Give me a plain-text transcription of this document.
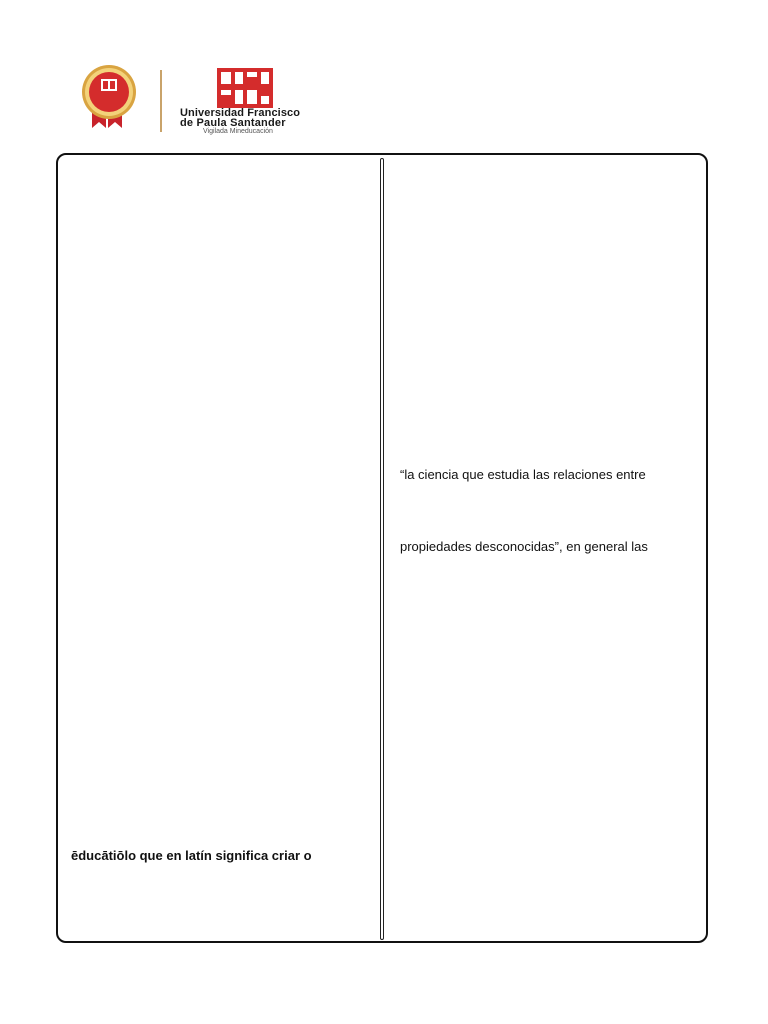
Universidad Francisco
de Paula Santander
Vigilada Mineducación
ēducātiōlo que en latín significa criar o
“la ciencia que estudia las relaciones entre
propiedades desconocidas”, en general las
